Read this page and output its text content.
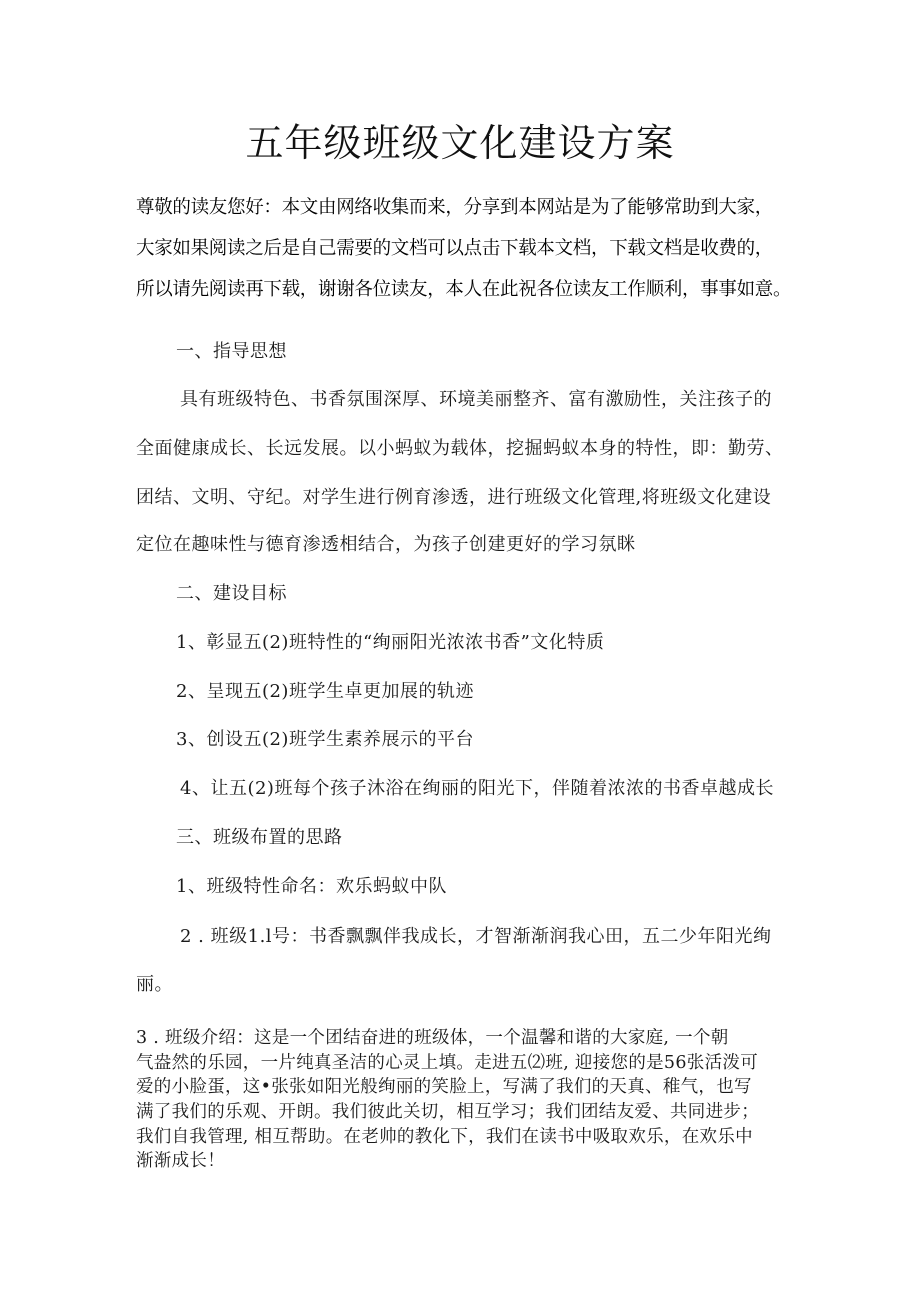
五年级班级文化建设方案
尊敬的读友您好：本文由网络收集而来，分享到本网站是为了能够常助到大家，
大家如果阅读之后是自己需要的文档可以点击下载本文档，下载文档是收费的，
所以请先阅读再下载，谢谢各位读友，本人在此祝各位读友工作顺利，事事如意。
一、指导思想
具有班级特色、书香氛围深厚、环境美丽整齐、富有激励性，关注孩子的
全面健康成长、长远发展。以小蚂蚁为载体，挖掘蚂蚁本身的特性，即：勤劳、
团结、文明、守纪。对学生进行例育渗透，进行班级文化管理,将班级文化建设
定位在趣味性与德育渗透相结合，为孩子创建更好的学习氛眯
二、建设目标
1、彰显五(2)班特性的“绚丽阳光浓浓书香”文化特质
2、呈现五(2)班学生卓更加展的轨迹
3、创设五(2)班学生素养展示的平台
4、让五(2)班每个孩子沐浴在绚丽的阳光下，伴随着浓浓的书香卓越成长
三、班级布置的思路
1、班级特性命名：欢乐蚂蚁中队
2 . 班级1.l号：书香飘飘伴我成长，才智渐渐润我心田，五二少年阳光绚
丽。
3 . 班级介绍：这是一个团结奋进的班级体，一个温馨和谐的大家庭, 一个朝
气盎然的乐园，一片纯真圣洁的心灵上填。走进五⑵班, 迎接您的是56张活泼可
爱的小脸蛋，这•张张如阳光般绚丽的笑脸上，写满了我们的天真、稚气，也写
满了我们的乐观、开朗。我们彼此关切，相互学习；我们团结友爱、共同进步；
我们自我管理, 相互帮助。在老帅的教化下，我们在读书中吸取欢乐，在欢乐中
渐渐成长！
